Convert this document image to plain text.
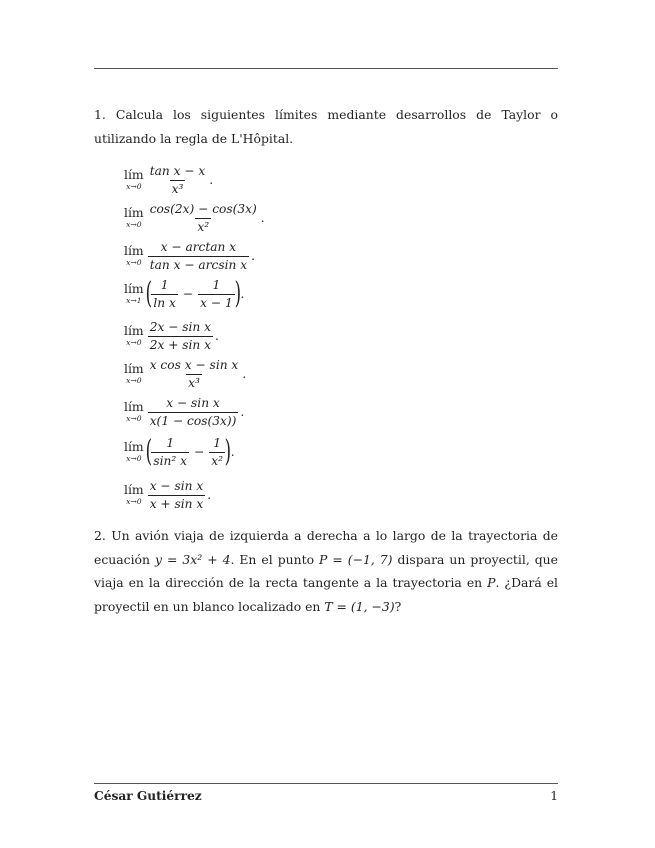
1. Calcula los siguientes límites mediante desarrollos de Taylor o utilizando la regla de L'Hôpital.
lím
$x\to 0 \frac{\text{tan x − x}}{\text{x³}}$ .
lím
$x\to 0 \frac{\cos(2x) - \cos(3x)}{\text{x²}}$ .
lím
$x\to 0 \frac{\text{x − arctan x}}{\text{tan x − arcsin x}}$ .
lím
x→1 ( $\frac{1}{\text{ln x}} - \frac{1}{x - 1}$ ) .
lím
$x\to 0 \frac{\text{2x − sin x}}{\text{2x + sin x}}$ .
lím
$x\to 0 \frac{\text{x cos x − sin x}}{\text{x³}}$ .
lím
$x\to 0 \frac{\text{x − sin x}}{x(1 - \cos(3x))}$ .
lím
x→0 ( $\frac{1}{\text{sin² x}} - \frac{1}{\text{x²}}$ ) .
lím
$x\to 0 \frac{\text{x − sin x}}{\text{x + sin x}}$ .
2. Un avión viaja de izquierda a derecha a lo largo de la trayectoria de ecuación y = 3x² + 4. En el punto P = (−1, 7) dispara un proyectil, que viaja en la dirección de la recta tangente a la trayectoria en P. ¿Dará el proyectil en un blanco localizado en T = (1, −3)?
César Gutiérrez	1
